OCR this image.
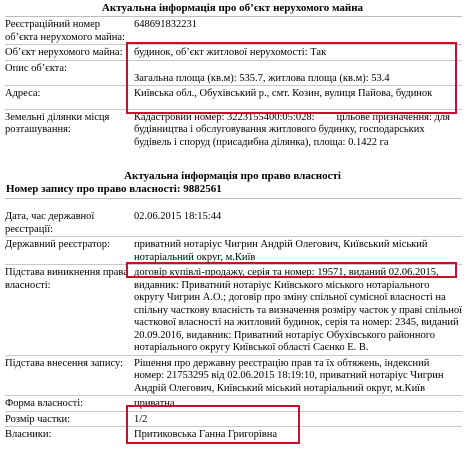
Актуальна інформація про об’єкт нерухомого майна
Реєстраційний номер об’єкта нерухомого майна:	648691832231
Об’єкт нерухомого майна:	будинок, об’єкт житлової нерухомості: Так
Опис об’єкта:	Загальна площа (кв.м): 535.7, житлова площа (кв.м): 53.4
Адреса:	Київська обл., Обухівський р., смт. Козин, вулиця Пайова, будинок

Земельні ділянки місця розташування:	Кадастровий номер: 3223155400:05:028: цільове призначення: для будівництва і обслуговування житлового будинку, господарських будівель і споруд (присадибна ділянка), площа: 0.1422 га
Актуальна інформація про право власності
Номер запису про право власності: 9882561
Дата, час державної реєстрації:	02.06.2015 18:15:44
Державний реєстратор:	приватний нотаріус Чигрин Андрій Олегович, Київський міський нотаріальний округ, м.Київ
Підстава виникнення права власності:	договір купівлі-продажу, серія та номер: 19571, виданий 02.06.2015, видавник: Приватний нотаріус Київського міського нотаріального округу Чигрин А.О.; договір про зміну спільної сумісної власності на спільну часткову власність та визначення розміру часток у праві спільної часткової власності на житловий будинок, серія та номер: 2345, виданий 20.09.2016, видавник: Приватний нотаріус Обухівського районного нотаріального округу Київської області Саєнко Е. В.
Підстава внесення запису:	Рішення про державну реєстрацію прав та їх обтяжень, індексний номер: 21753295 від 02.06.2015 18:19:10, приватний нотаріус Чигрин Андрій Олегович, Київський міський нотаріальний округ, м.Київ
Форма власності:	приватна
Розмір частки:	1/2
Власники:	Притиковська Ганна Григорівна
